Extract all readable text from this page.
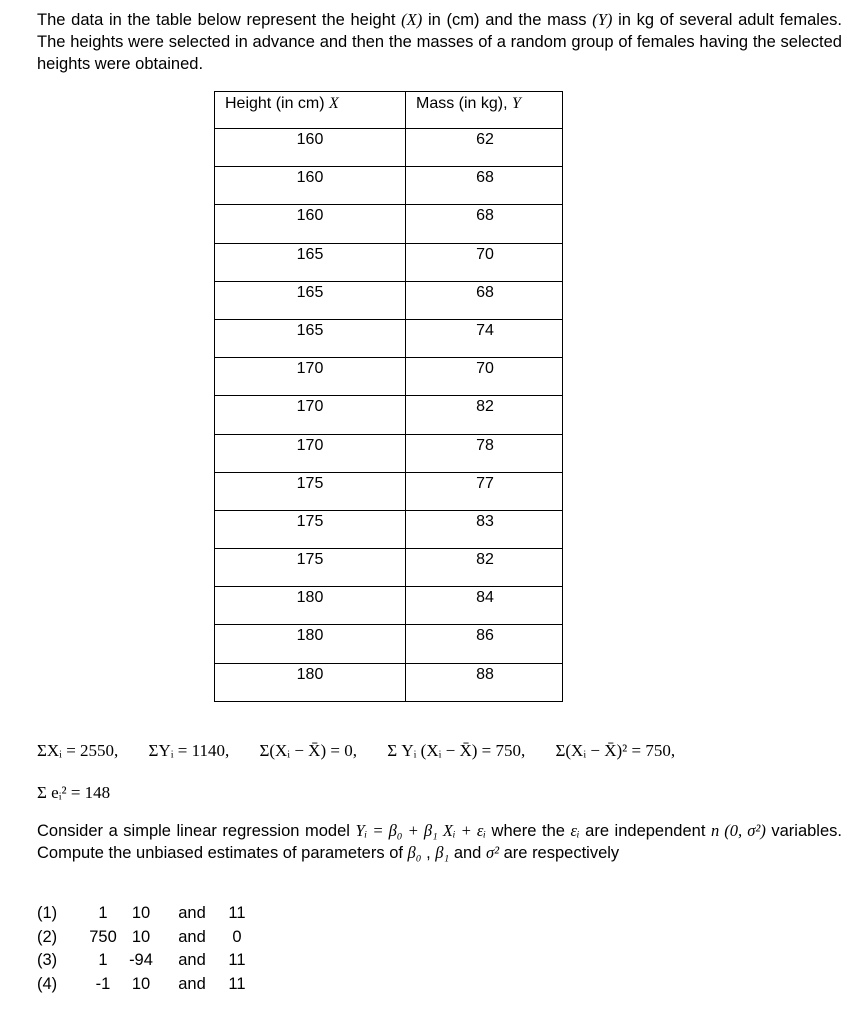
The data in the table below represent the height (X) in (cm) and the mass (Y) in kg of several adult females. The heights were selected in advance and then the masses of a random group of females having the selected heights were obtained.
Height (in cm) X	Mass (in kg), Y
160	62
160	68
160	68
165	70
165	68
165	74
170	70
170	82
170	78
175	77
175	83
175	82
180	84
180	86
180	88
ΣXᵢ = 2550, ΣYᵢ = 1140, Σ(Xᵢ − X̄) = 0, Σ Yᵢ (Xᵢ − X̄) = 750, Σ(Xᵢ − X̄)² = 750,
Σ eᵢ² = 148
Consider a simple linear regression model Yᵢ = β₀ + β₁ Xᵢ + εᵢ where the εᵢ are independent n (0, σ²) variables. Compute the unbiased estimates of parameters of β₀ , β₁ and σ² are respectively
(1)	1	10	and	11
(2)	750	10	and	0
(3)	1	-94	and	11
(4)	-1	10	and	11
